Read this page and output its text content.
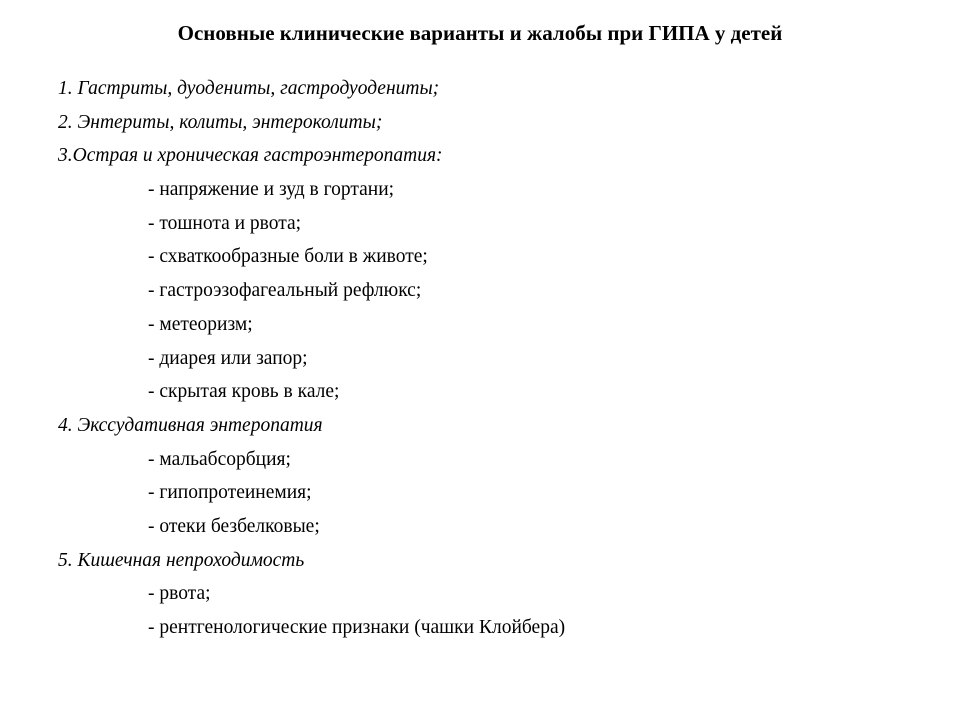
Основные клинические варианты и жалобы при ГИПА у детей
1. Гастриты, дуодениты, гастродуодениты;
2. Энтериты, колиты, энтероколиты;
3.Острая и хроническая гастроэнтеропатия:
- напряжение и зуд в гортани;
- тошнота и рвота;
- схваткообразные боли в животе;
- гастроэзофагеальный рефлюкс;
- метеоризм;
- диарея или запор;
- скрытая кровь в кале;
4. Экссудативная энтеропатия
- мальабсорбция;
- гипопротеинемия;
- отеки безбелковые;
5. Кишечная непроходимость
- рвота;
- рентгенологические признаки (чашки Клойбера)
